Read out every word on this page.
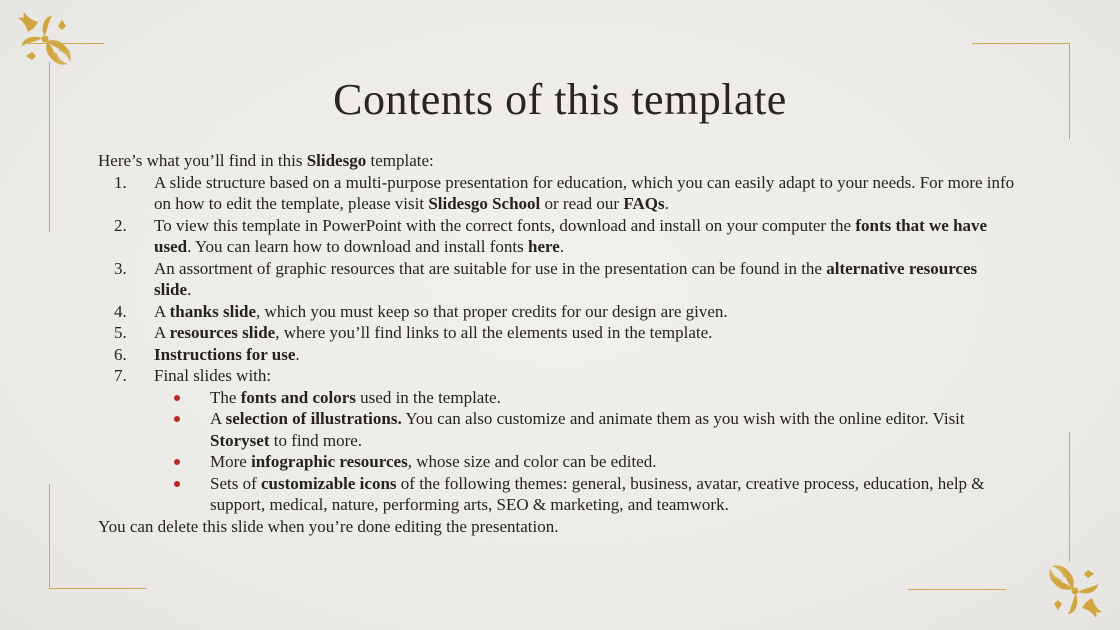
Contents of this template

Here’s what you’ll find in this Slidesgo template:

1. A slide structure based on a multi-purpose presentation for education, which you can easily adapt to your needs. For more info on how to edit the template, please visit Slidesgo School or read our FAQs.
2. To view this template in PowerPoint with the correct fonts, download and install on your computer the fonts that we have used. You can learn how to download and install fonts here.
3. An assortment of graphic resources that are suitable for use in the presentation can be found in the alternative resources slide.
4. A thanks slide, which you must keep so that proper credits for our design are given.
5. A resources slide, where you’ll find links to all the elements used in the template.
6. Instructions for use.
7. Final slides with:
The fonts and colors used in the template.
A selection of illustrations. You can also customize and animate them as you wish with the online editor. Visit Storyset to find more.
More infographic resources, whose size and color can be edited.
Sets of customizable icons of the following themes: general, business, avatar, creative process, education, help & support, medical, nature, performing arts, SEO & marketing, and teamwork.

You can delete this slide when you’re done editing the presentation.
